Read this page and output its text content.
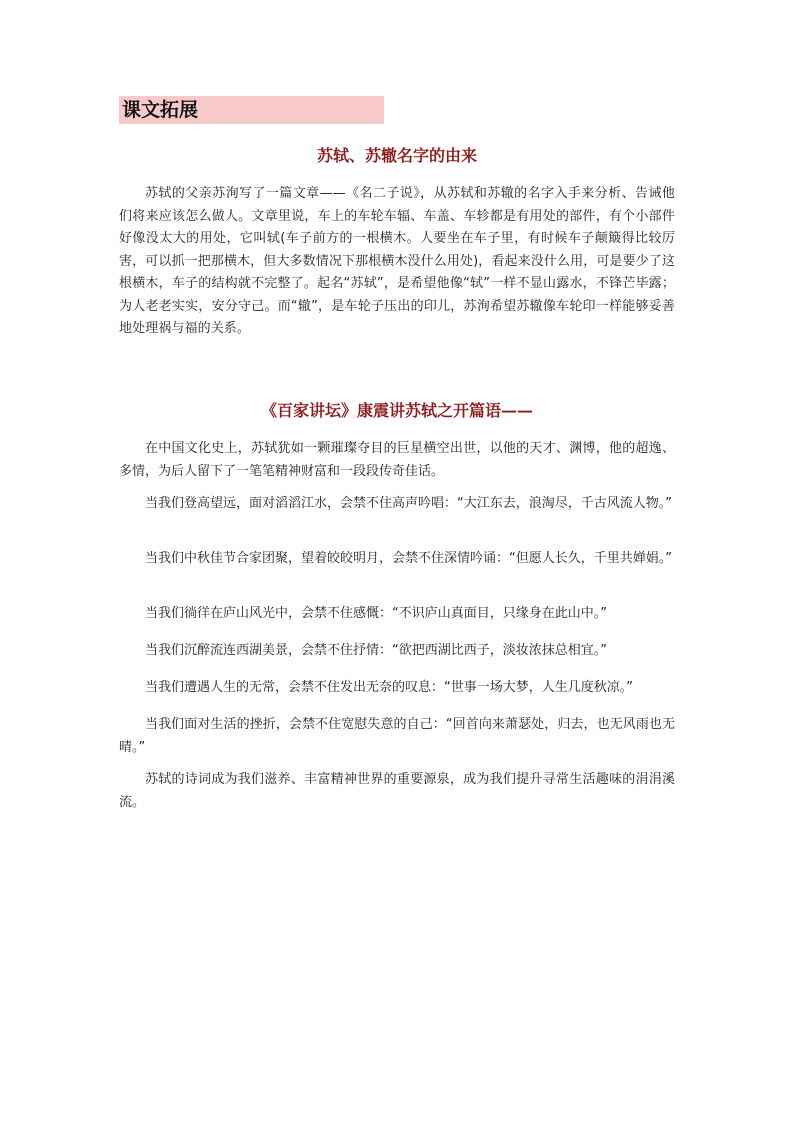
课文拓展
苏轼、苏辙名字的由来

苏轼的父亲苏洵写了一篇文章——《名二子说》，从苏轼和苏辙的名字入手来分析、告诫他们将来应该怎么做人。文章里说，车上的车轮车辐、车盖、车轸都是有用处的部件，有个小部件好像没太大的用处，它叫轼(车子前方的一根横木。人要坐在车子里，有时候车子颠簸得比较厉害，可以抓一把那横木，但大多数情况下那根横木没什么用处)，看起来没什么用，可是要少了这根横木，车子的结构就不完整了。起名“苏轼”，是希望他像“轼”一样不显山露水，不锋芒毕露；为人老老实实，安分守己。而“辙”，是车轮子压出的印儿，苏洵希望苏辙像车轮印一样能够妥善地处理祸与福的关系。

《百家讲坛》康震讲苏轼之开篇语——

在中国文化史上，苏轼犹如一颗璀璨夺目的巨星横空出世，以他的天才、渊博，他的超逸、多情，为后人留下了一笔笔精神财富和一段段传奇佳话。

当我们登高望远，面对滔滔江水，会禁不住高声吟唱：“大江东去，浪淘尽，千古风流人物。”

当我们中秋佳节合家团聚，望着皎皎明月，会禁不住深情吟诵：“但愿人长久，千里共婵娟。”

当我们徜徉在庐山风光中，会禁不住感慨：“不识庐山真面目，只缘身在此山中。”

当我们沉醉流连西湖美景，会禁不住抒情：“欲把西湖比西子，淡妆浓抹总相宜。”

当我们遭遇人生的无常，会禁不住发出无奈的叹息：“世事一场大梦，人生几度秋凉。”

当我们面对生活的挫折，会禁不住宽慰失意的自己：“回首向来萧瑟处，归去，也无风雨也无晴。”

苏轼的诗词成为我们滋养、丰富精神世界的重要源泉，成为我们提升寻常生活趣味的涓涓溪流。
